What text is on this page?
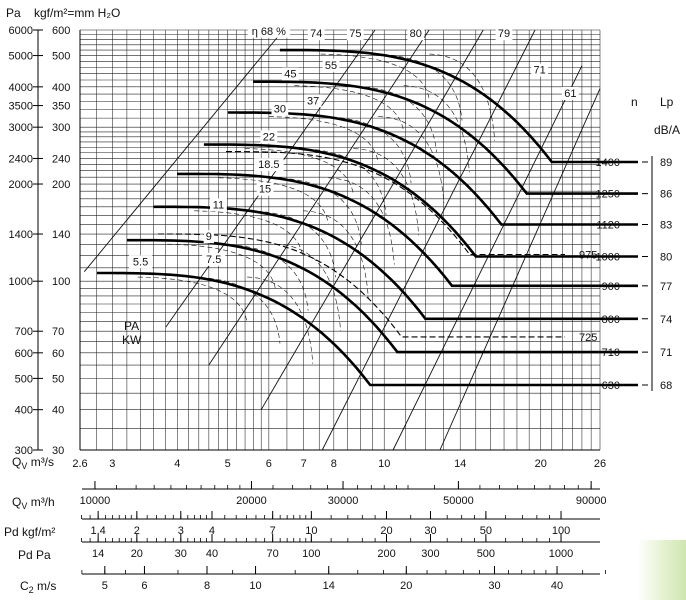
Pa kgf/m²=mm H₂O
n Lp
dB/A
PA
KW
1400	89
1250	86
1120	83
1000	80
900	77
800	74
710	71
630	68
975
725
74
55
45
37
30
22
18.5
15
11
9
7.5
5.5
η 68 %	75	80	79
71
61
6000
5000
4000
3500
3000
2400
2000
1400
1000
700
600
500
400
300
600
500
400
350
300
240
200
140
100
70
60
50
40
30
$Q_V$ m³/s 2.6 3	4	5	6	7 8	10	14	20	26
$Q_V$ m³/h 10000	20000	30000	50000	90000
Pd kgf/m²	1.4	2	3 4	7	10	20	30	50	100
Pd Pa	14 20	30 40	70 100	200 300	500	1000
$C_2$ m/s	5	6	8	10	14	20	30	40
